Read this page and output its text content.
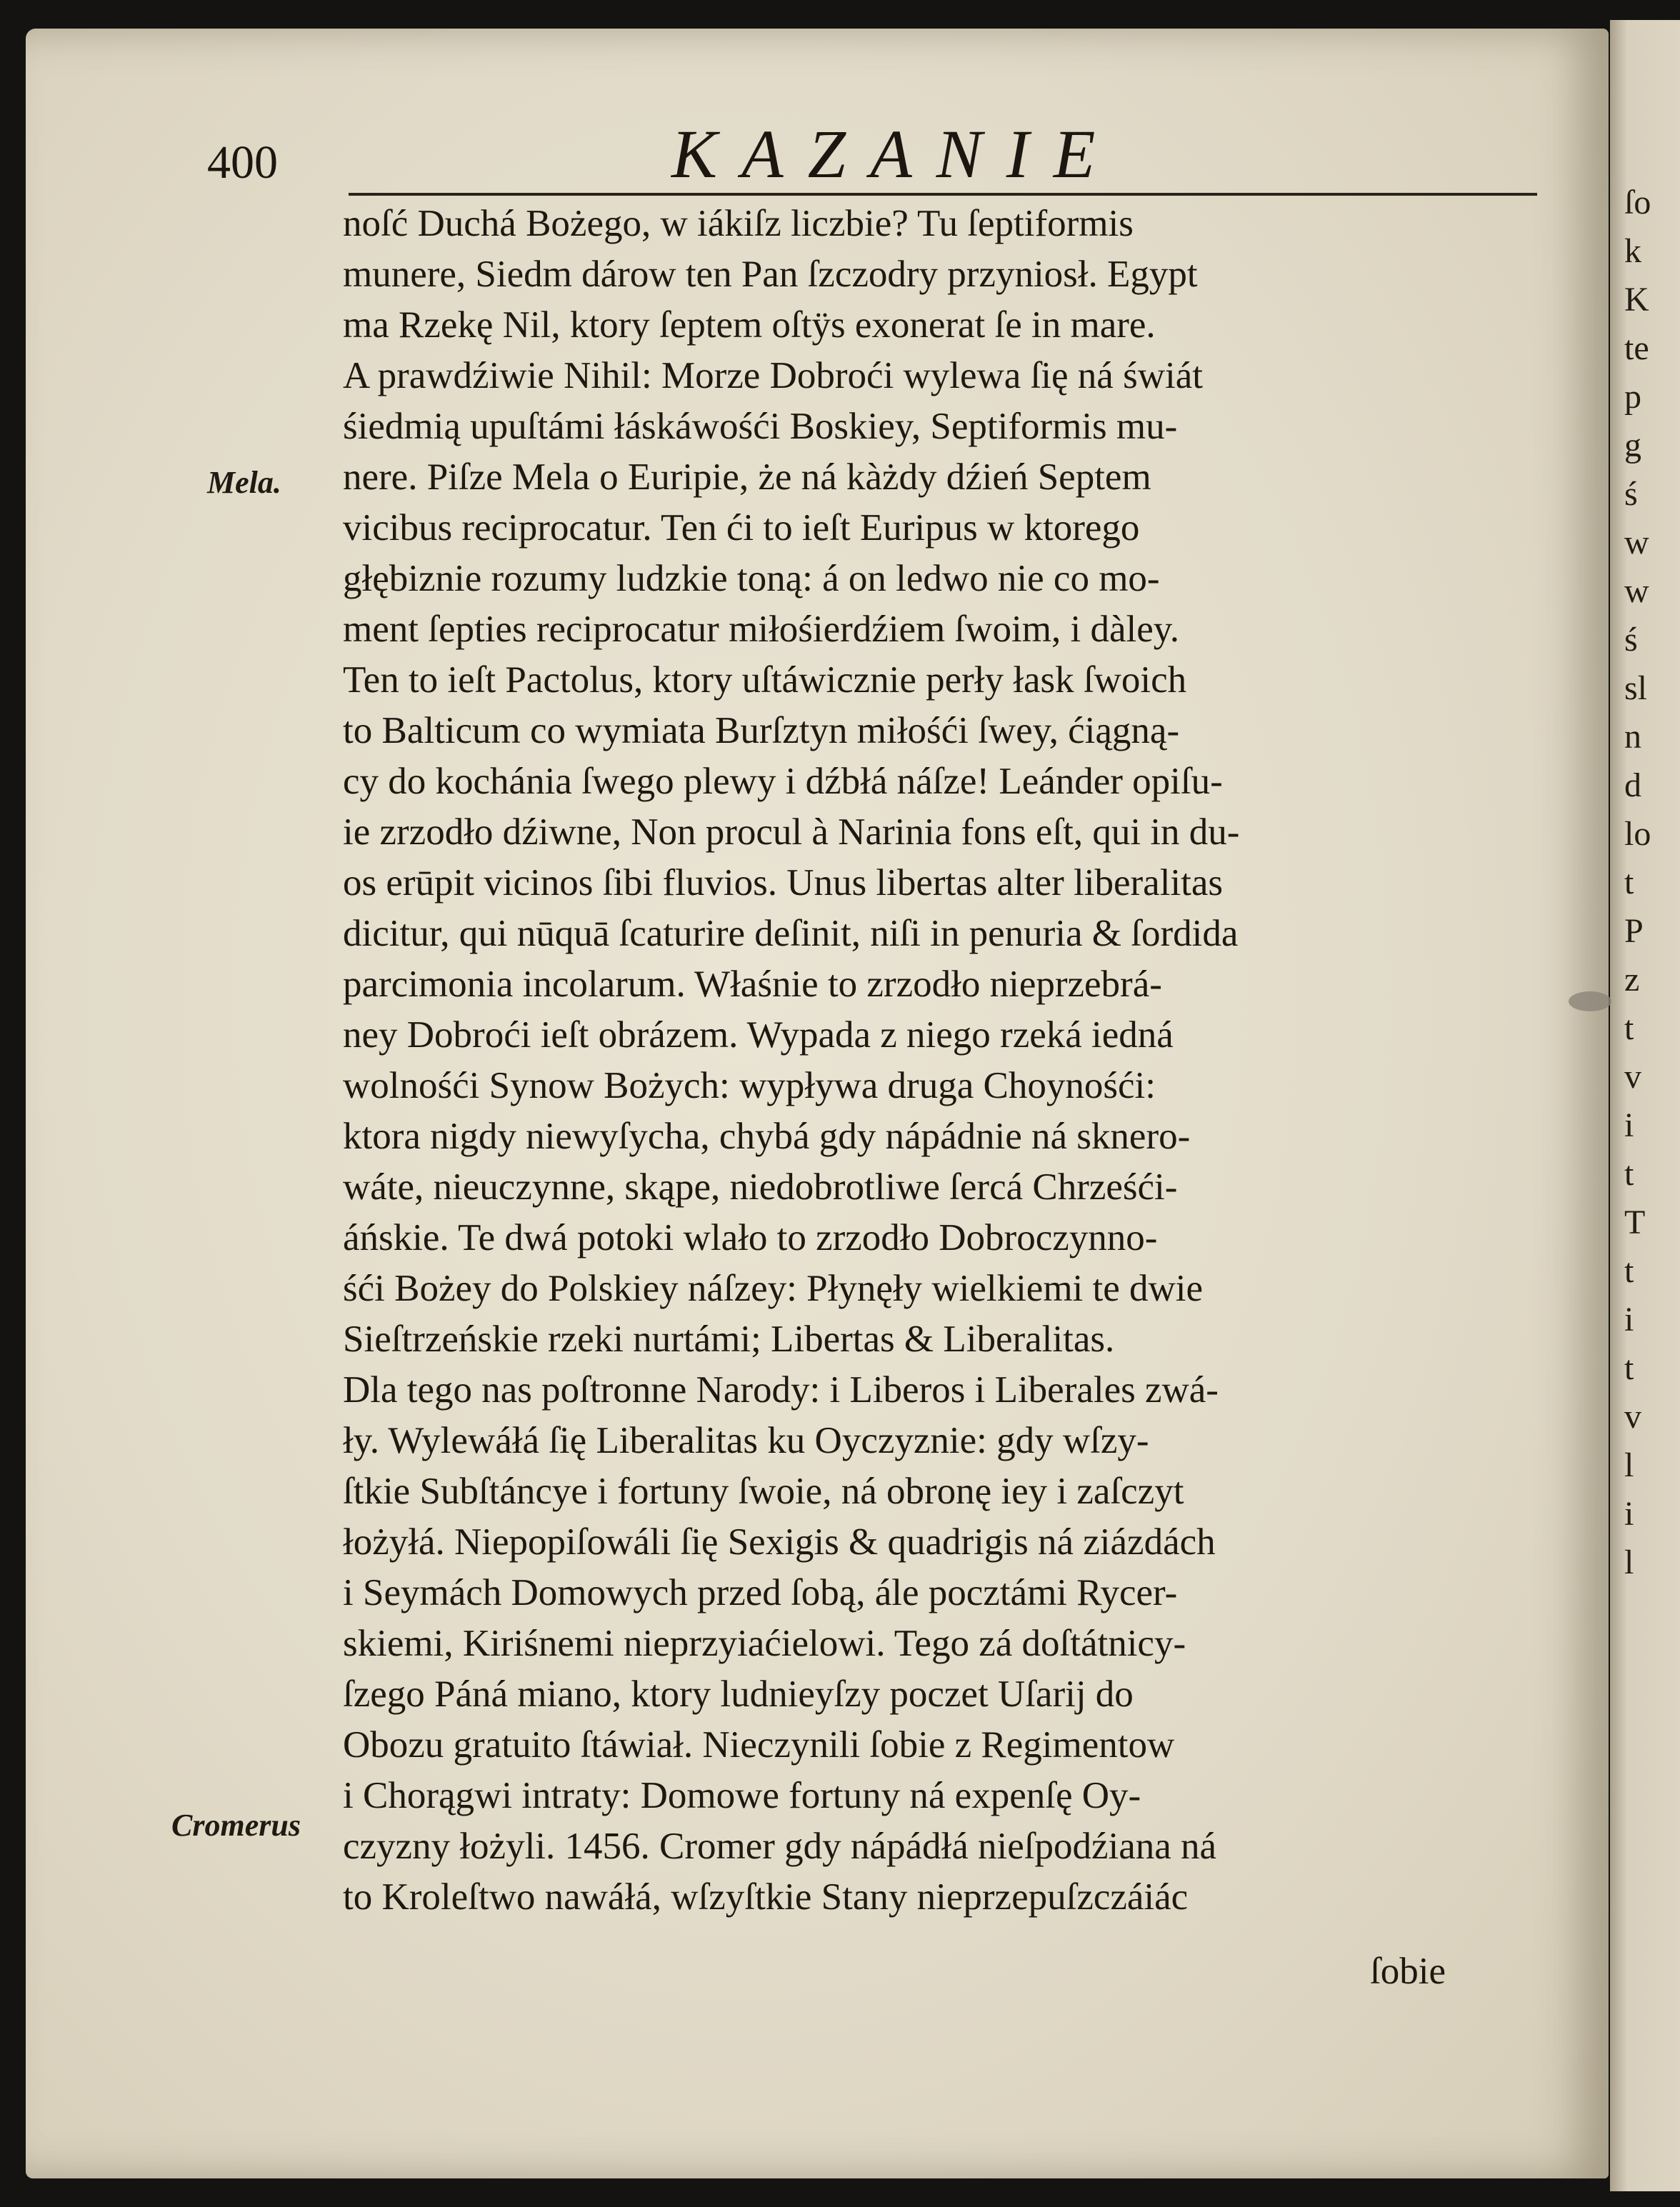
ſo
k
K
te
p
g
ś
w
w
ś
sl
n
d
lo
t
P
z
t
v
i
t
T
t
i
t
v
l
i
l
400	KAZANIE
Mela.
Cromerus
noſć Duchá Bożego, w iákiſz liczbie? Tu ſeptiformis
munere, Siedm dárow ten Pan ſzczodry przyniosł. Egypt
ma Rzekę Nil, ktory ſeptem oſtÿs exonerat ſe in mare.
A prawdźiwie Nihil: Morze Dobroći wylewa ſię ná świát
śiedmią upuſtámi łáskáwośći Boskiey, Septiformis mu-
nere. Piſze Mela o Euripie, że ná kàżdy dźień Septem
vicibus reciprocatur. Ten ći to ieſt Euripus w ktorego
głębiznie rozumy ludzkie toną: á on ledwo nie co mo-
ment ſepties reciprocatur miłośierdźiem ſwoim, i dàley.
Ten to ieſt Pactolus, ktory uſtáwicznie perły łask ſwoich
to Balticum co wymiata Burſztyn miłośći ſwey, ćiągną-
cy do kochánia ſwego plewy i dźbłá náſze! Leánder opiſu-
ie zrzodło dźiwne, Non procul à Narinia fons eſt, qui in du-
os erūpit vicinos ſibi fluvios. Unus libertas alter liberalitas
dicitur, qui nūquā ſcaturire deſinit, niſi in penuria & ſordida
parcimonia incolarum. Właśnie to zrzodło nieprzebrá-
ney Dobroći ieſt obrázem. Wypada z niego rzeká iedná
wolnośći Synow Bożych: wypływa druga Choynośći:
ktora nigdy niewyſycha, chybá gdy nápádnie ná sknero-
wáte, nieuczynne, skąpe, niedobrotliwe ſercá Chrześći-
áńskie. Te dwá potoki wlało to zrzodło Dobroczynno-
śći Bożey do Polskiey náſzey: Płynęły wielkiemi te dwie
Sieſtrzeńskie rzeki nurtámi; Libertas & Liberalitas.
Dla tego nas poſtronne Narody: i Liberos i Liberales zwá-
ły. Wylewáłá ſię Liberalitas ku Oyczyznie: gdy wſzy-
ſtkie Subſtáncye i fortuny ſwoie, ná obronę iey i zaſczyt
łożyłá. Niepopiſowáli ſię Sexigis & quadrigis ná ziázdách
i Seymách Domowych przed ſobą, ále pocztámi Rycer-
skiemi, Kiriśnemi nieprzyiaćielowi. Tego zá doſtátnicy-
ſzego Páná miano, ktory ludnieyſzy poczet Uſarij do
Obozu gratuito ſtáwiał. Nieczynili ſobie z Regimentow
i Chorągwi intraty: Domowe fortuny ná expenſę Oy-
czyzny łożyli. 1456. Cromer gdy nápádłá nieſpodźiana ná
to Kroleſtwo nawáłá, wſzyſtkie Stany nieprzepuſzczáiác
ſobie
